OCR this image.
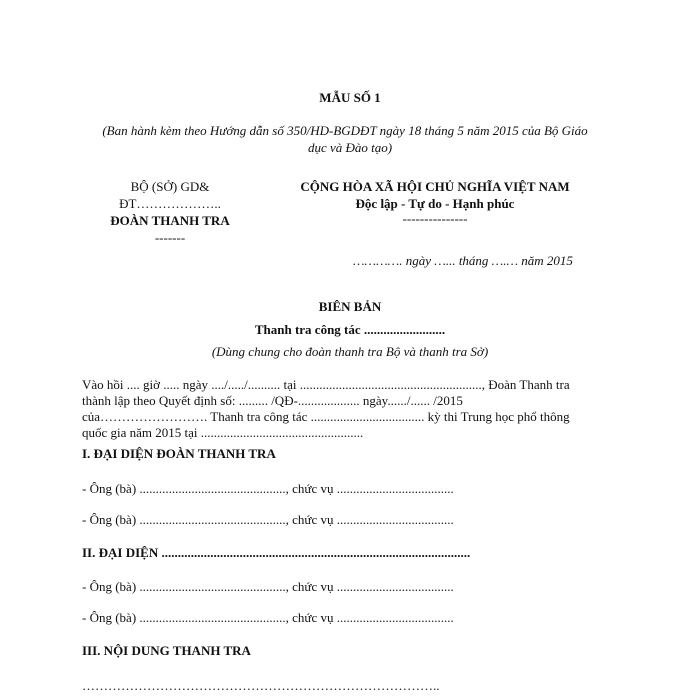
MẪU SỐ 1
(Ban hành kèm theo Hướng dẫn số 350/HD-BGDĐT ngày 18 tháng 5 năm 2015 của Bộ Giáo
dục và Đào tạo)
BỘ (SỞ) GD&
ĐT………………..
ĐOÀN THANH TRA
-------
CỘNG HÒA XÃ HỘI CHỦ NGHĨA VIỆT NAM
Độc lập - Tự do - Hạnh phúc
---------------
…………. ngày …... tháng ….… năm 2015
BIÊN BẢN
Thanh tra công tác .........................
(Dùng chung cho đoàn thanh tra Bộ và thanh tra Sở)
Vào hồi .... giờ ..... ngày ..../...../.......... tại ........................................................, Đoàn Thanh tra
thành lập theo Quyết định số: ......... /QĐ-................... ngày....../...... /2015
của……………………. Thanh tra công tác ................................... kỳ thi Trung học phổ thông
quốc gia năm 2015 tại ..................................................
I. ĐẠI DIỆN ĐOÀN THANH TRA
- Ông (bà) ............................................., chức vụ ....................................
- Ông (bà) ............................................., chức vụ ....................................
II. ĐẠI DIỆN ...............................................................................................
- Ông (bà) ............................................., chức vụ ....................................
- Ông (bà) ............................................., chức vụ ....................................
III. NỘI DUNG THANH TRA
………………………………………………………………………..
